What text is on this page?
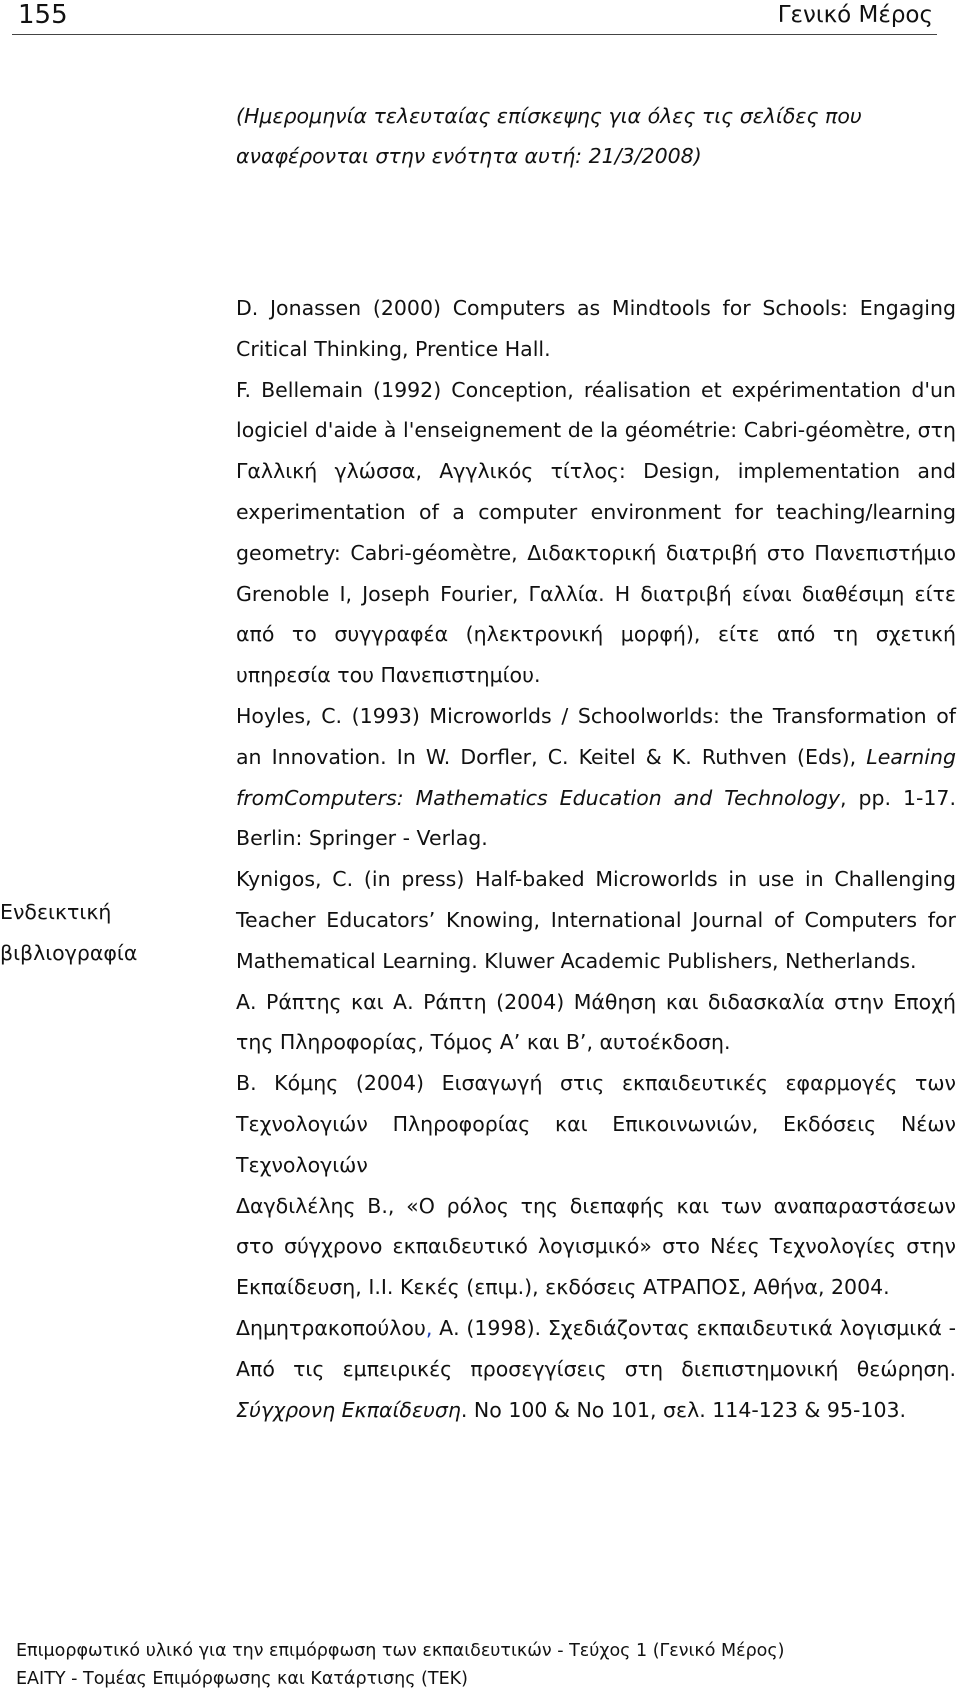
155	Γενικό Μέρος
(Ημερομηνία τελευταίας επίσκεψης για όλες τις σελίδες που αναφέρονται στην ενότητα αυτή: 21/3/2008)
Ενδεικτική
βιβλιογραφία

D. Jonassen (2000) Computers as Mindtools for Schools: Engaging Critical Thinking, Prentice Hall.

F. Bellemain (1992) Conception, réalisation et expérimentation d'un logiciel d'aide à l'enseignement de la géométrie: Cabri-géomètre, στη Γαλλική γλώσσα, Αγγλικός τίτλος: Design, implementation and experimentation of a computer environment for teaching/learning geometry: Cabri-géomètre, Διδακτορική διατριβή στο Πανεπιστήμιο Grenoble I, Joseph Fourier, Γαλλία. Η διατριβή είναι διαθέσιμη είτε από το συγγραφέα (ηλεκτρονική μορφή), είτε από τη σχετική υπηρεσία του Πανεπιστημίου.

Hoyles, C. (1993) Microworlds / Schoolworlds: the Transformation of an Innovation. In W. Dorfler, C. Keitel & K. Ruthven (Eds), Learning fromComputers: Mathematics Education and Technology, pp. 1-17. Berlin: Springer - Verlag.

Kynigos, C. (in press) Half-baked Microworlds in use in Challenging Teacher Educators’ Knowing, International Journal of Computers for Mathematical Learning. Kluwer Academic Publishers, Netherlands.

Α. Ράπτης και Α. Ράπτη (2004) Μάθηση και διδασκαλία στην Εποχή της Πληροφορίας, Τόμος Α’ και Β’, αυτοέκδοση.

Β. Κόμης (2004) Εισαγωγή στις εκπαιδευτικές εφαρμογές των Τεχνολογιών Πληροφορίας και Επικοινωνιών, Εκδόσεις Νέων Τεχνολογιών

Δαγδιλέλης Β., «Ο ρόλος της διεπαφής και των αναπαραστάσεων στο σύγχρονο εκπαιδευτικό λογισμικό» στο Νέες Τεχνολογίες στην Εκπαίδευση, Ι.Ι. Κεκές (επιμ.), εκδόσεις ΑΤΡΑΠΟΣ, Αθήνα, 2004.

Δημητρακοπούλου, Α. (1998). Σχεδιάζοντας εκπαιδευτικά λογισμικά - Από τις εμπειρικές προσεγγίσεις στη διεπιστημονική θεώρηση. Σύγχρονη Εκπαίδευση. Νο 100 & Νο 101, σελ. 114-123 & 95-103.

Επιμορφωτικό υλικό για την επιμόρφωση των εκπαιδευτικών - Τεύχος 1 (Γενικό Μέρος)
ΕΑΙΤΥ - Τομέας Επιμόρφωσης και Κατάρτισης (ΤΕΚ)
